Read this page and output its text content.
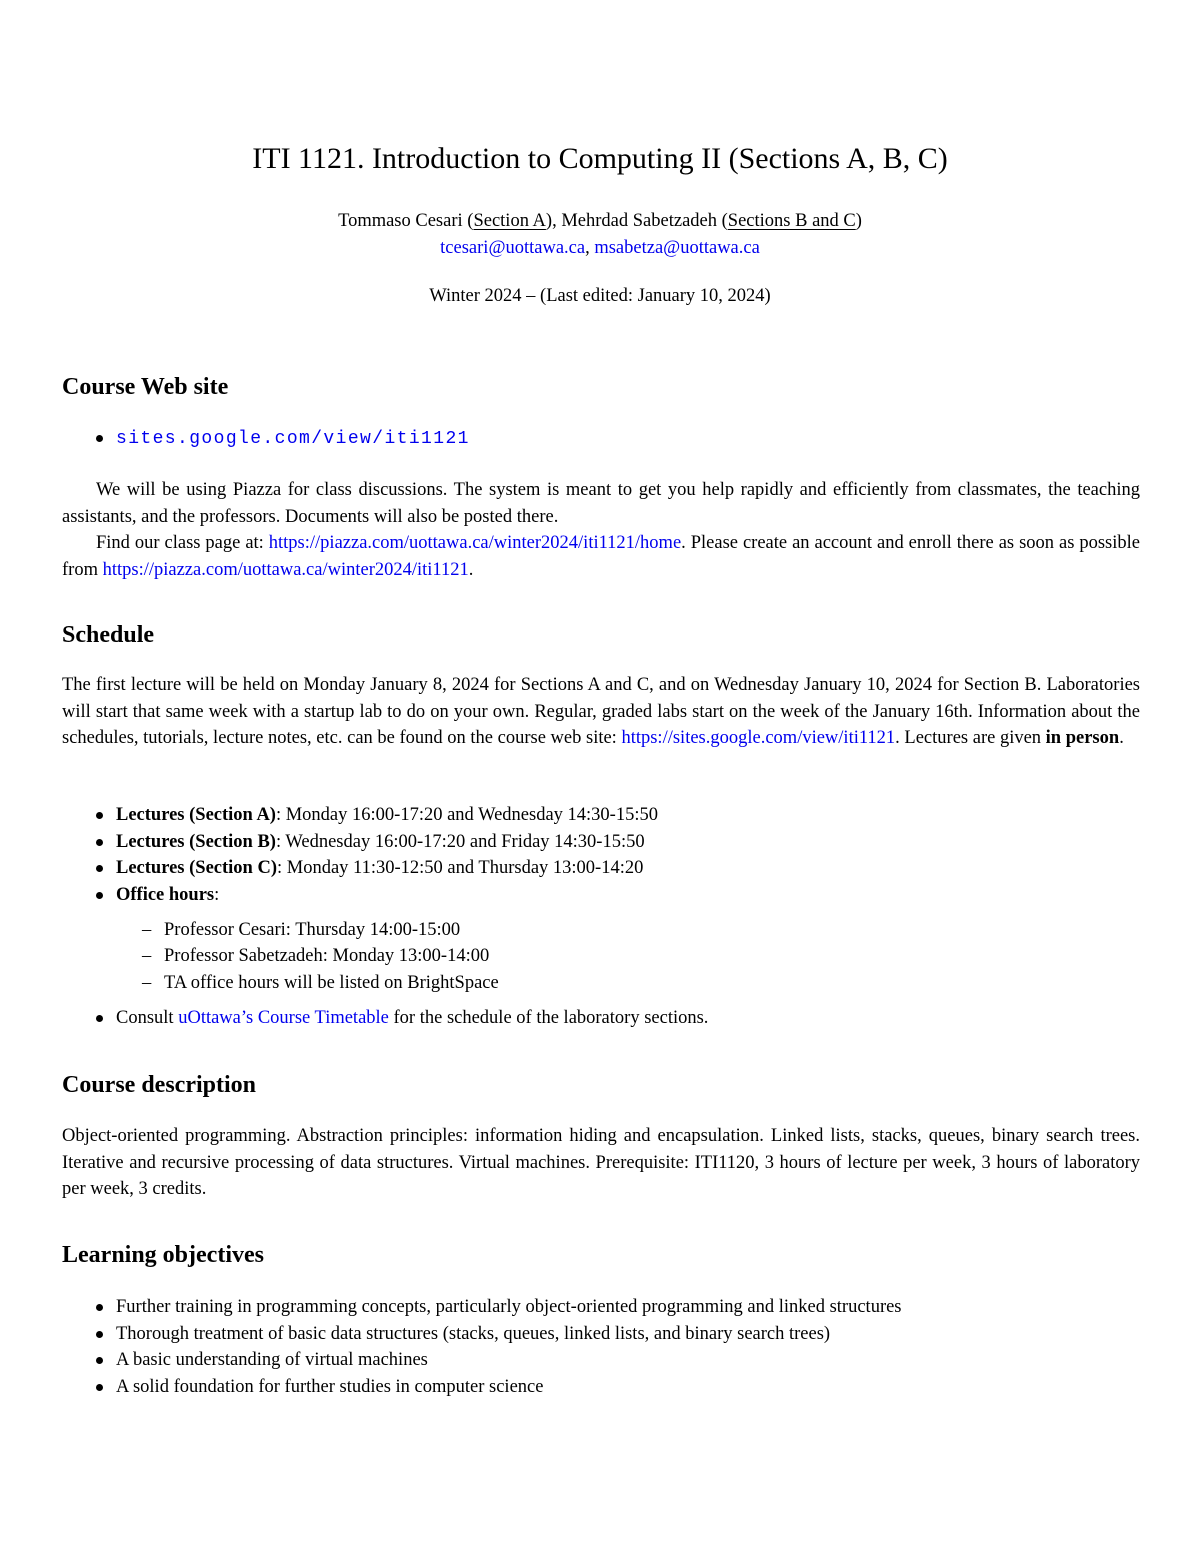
ITI 1121. Introduction to Computing II (Sections A, B, C)
Tommaso Cesari (Section A), Mehrdad Sabetzadeh (Sections B and C)
tcesari@uottawa.ca, msabetza@uottawa.ca
Winter 2024 – (Last edited: January 10, 2024)
Course Web site
sites.google.com/view/iti1121
We will be using Piazza for class discussions. The system is meant to get you help rapidly and efficiently from classmates, the teaching assistants, and the professors. Documents will also be posted there.
Find our class page at: https://piazza.com/uottawa.ca/winter2024/iti1121/home. Please create an account and enroll there as soon as possible from https://piazza.com/uottawa.ca/winter2024/iti1121.
Schedule
The first lecture will be held on Monday January 8, 2024 for Sections A and C, and on Wednesday January 10, 2024 for Section B. Laboratories will start that same week with a startup lab to do on your own. Regular, graded labs start on the week of the January 16th. Information about the schedules, tutorials, lecture notes, etc. can be found on the course web site: https://sites.google.com/view/iti1121. Lectures are given in person.
Lectures (Section A): Monday 16:00-17:20 and Wednesday 14:30-15:50
Lectures (Section B): Wednesday 16:00-17:20 and Friday 14:30-15:50
Lectures (Section C): Monday 11:30-12:50 and Thursday 13:00-14:20
Office hours:
– Professor Cesari: Thursday 14:00-15:00
– Professor Sabetzadeh: Monday 13:00-14:00
– TA office hours will be listed on BrightSpace
Consult uOttawa’s Course Timetable for the schedule of the laboratory sections.
Course description
Object-oriented programming. Abstraction principles: information hiding and encapsulation. Linked lists, stacks, queues, binary search trees. Iterative and recursive processing of data structures. Virtual machines. Prerequisite: ITI1120, 3 hours of lecture per week, 3 hours of laboratory per week, 3 credits.
Learning objectives
Further training in programming concepts, particularly object-oriented programming and linked structures
Thorough treatment of basic data structures (stacks, queues, linked lists, and binary search trees)
A basic understanding of virtual machines
A solid foundation for further studies in computer science
